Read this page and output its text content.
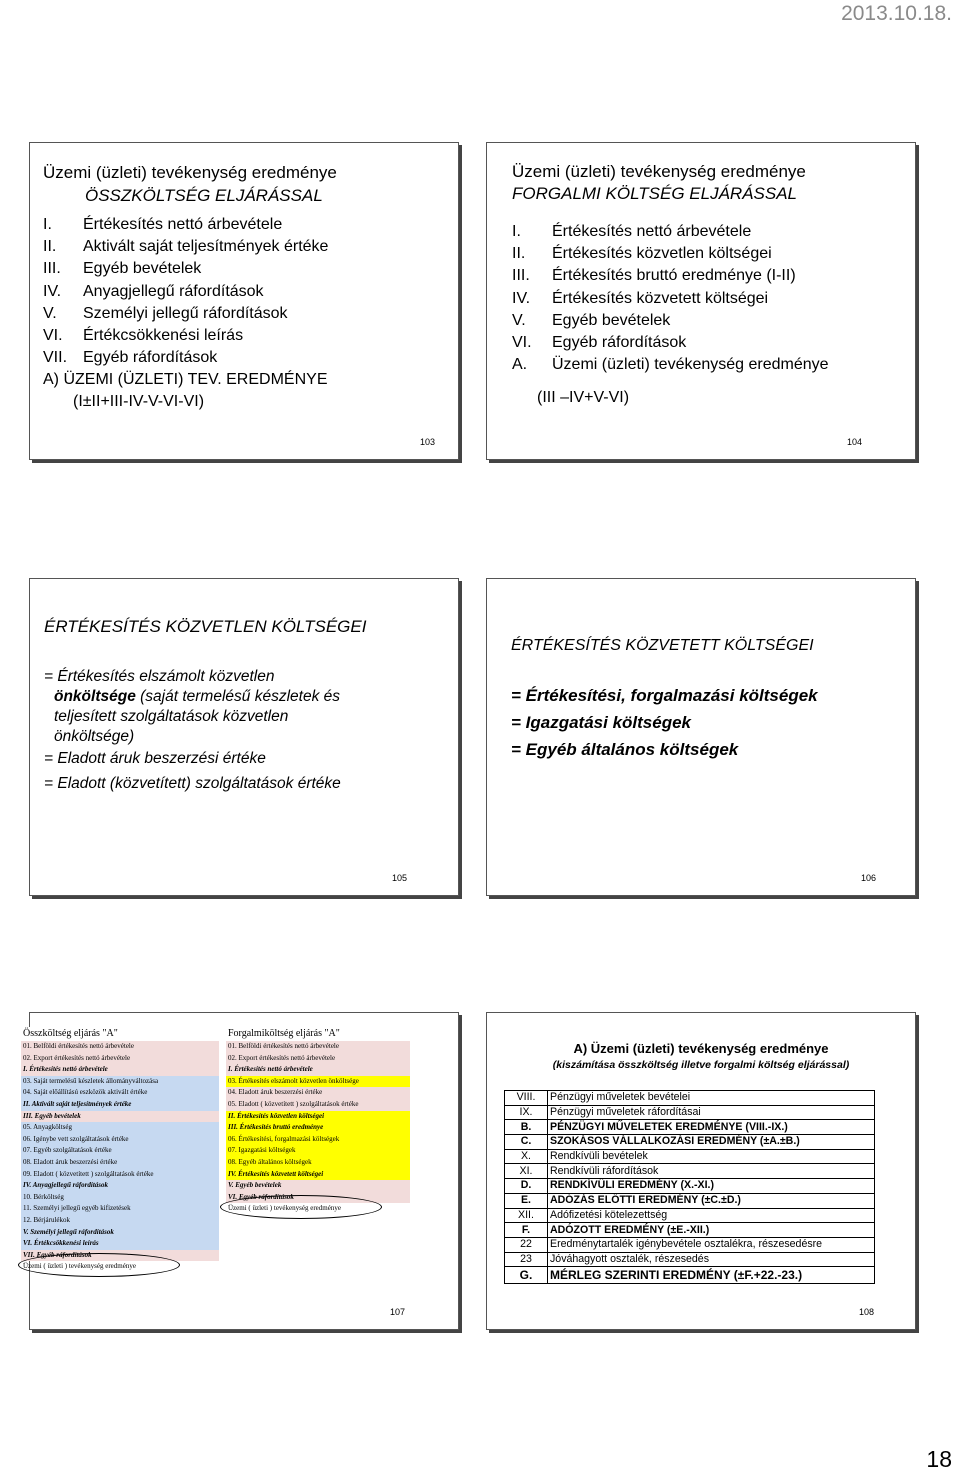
2013.10.18.
Üzemi (üzleti) tevékenység eredménye
ÖSSZKÖLTSÉG ELJÁRÁSSAL
I.	Értékesítés nettó árbevétele
II.	Aktivált saját teljesítmények értéke
III.	Egyéb bevételek
IV.	Anyagjellegű ráfordítások
V.	Személyi jellegű ráfordítások
VI.	Értékcsökkenési leírás
VII. Egyéb ráfordítások
A) ÜZEMI (ÜZLETI) TEV. EREDMÉNYE
(I±II+III-IV-V-VI-VI)
103
Üzemi (üzleti) tevékenység eredménye
FORGALMI KÖLTSÉG ELJÁRÁSSAL
I.	Értékesítés nettó árbevétele
II.	Értékesítés közvetlen költségei
III.	Értékesítés bruttó eredménye (I-II)
IV.	Értékesítés közvetett költségei
V.	Egyéb bevételek
VI.	Egyéb ráfordítások
A.	Üzemi (üzleti) tevékenység eredménye
(III –IV+V-VI)
104
ÉRTÉKESÍTÉS KÖZVETLEN KÖLTSÉGEI
= Értékesítés elszámolt közvetlen
önköltsége (saját termelésű készletek és
teljesített szolgáltatások közvetlen
önköltsége)
= Eladott áruk beszerzési értéke
= Eladott (közvetített) szolgáltatások értéke
105
ÉRTÉKESÍTÉS KÖZVETETT KÖLTSÉGEI
= Értékesítési, forgalmazási költségek
= Igazgatási költségek
= Egyéb általános költségek
106
Összköltség eljárás "A"
01. Belföldi értékesítés nettó árbevétele
02. Export értékesítés nettó árbevétele
I. Értékesítés nettó árbevétele
03. Saját termelésű készletek állományváltozása
04. Saját előállítású eszközök aktivált értéke
II. Aktivált saját teljesítmények értéke
III. Egyéb bevételek
05. Anyagköltség
06. Igénybe vett szolgáltatások értéke
07. Egyéb szolgáltatások értéke
08. Eladott áruk beszerzési értéke
09. Eladott ( közvetített ) szolgáltatások értéke
IV. Anyagjellegű ráfordítások
10. Bérköltség
11. Személyi jellegű egyéb kifizetések
12. Bérjárulékok
V. Személyi jellegű ráfordítások
VI. Értékcsökkenési leírás
VII. Egyéb ráfordítások
Üzemi ( üzleti ) tevékenység eredménye
Forgalmiköltség eljárás "A"
01. Belföldi értékesítés nettó árbevétele
02. Export értékesítés nettó árbevétele
I. Értékesítés nettó árbevétele
03. Értékesítés elszámolt közvetlen önköltsége
04. Eladott áruk beszerzési értéke
05. Eladott ( közvetített ) szolgáltatások értéke
II. Értékesítés közvetlen költségei
III. Értékesítés bruttó eredménye
06. Értékesítési, forgalmazási költségek
07. Igazgatási költségek
08. Egyéb általános költségek
IV. Értékesítés közvetett költségei
V. Egyéb bevételek
VI. Egyéb ráfordítások
Üzemi ( üzleti ) tevékenység eredménye
107
A) Üzemi (üzleti) tevékenység eredménye
(kiszámítása összköltség illetve forgalmi költség eljárással)
VIII.	Pénzügyi műveletek bevételei
IX.	Pénzügyi műveletek ráfordításai
B.	PÉNZÜGYI MŰVELETEK EREDMÉNYE (VIII.-IX.)
C.	SZOKÁSOS VÁLLALKOZÁSI EREDMÉNY (±A.±B.)
X.	Rendkívüli bevételek
XI.	Rendkívüli ráfordítások
D.	RENDKÍVÜLI EREDMÉNY (X.-XI.)
E.	ADÓZÁS ELŐTTI EREDMÉNY (±C.±D.)
XII.	Adófizetési kötelezettség
F.	ADÓZOTT EREDMÉNY (±E.-XII.)
22	Eredménytartalék igénybevétele osztalékra, részesedésre
23	Jóváhagyott osztalék, részesedés
G.	MÉRLEG SZERINTI EREDMÉNY (±F.+22.-23.)
108
18
